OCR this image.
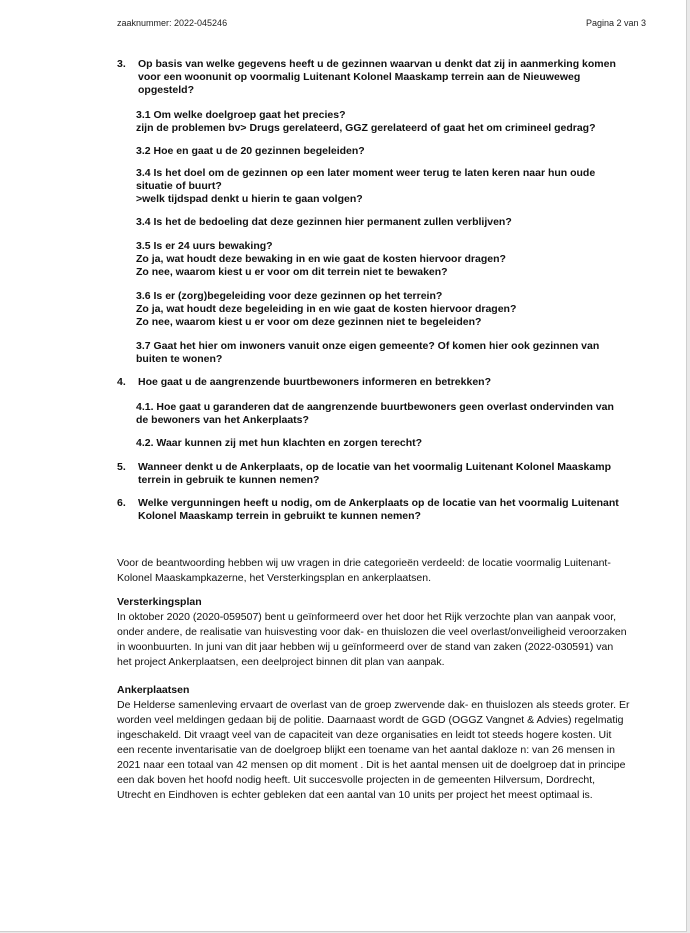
zaaknummer: 2022-045246	Pagina 2 van 3
3. Op basis van welke gegevens heeft u de gezinnen waarvan u denkt dat zij in aanmerking komen
voor een woonunit op voormalig Luitenant Kolonel Maaskamp terrein aan de Nieuweweg
opgesteld?
3.1 Om welke doelgroep gaat het precies?
zijn de problemen bv> Drugs gerelateerd, GGZ gerelateerd of gaat het om crimineel gedrag?
3.2 Hoe en gaat u de 20 gezinnen begeleiden?
3.4 Is het doel om de gezinnen op een later moment weer terug te laten keren naar hun oude
situatie of buurt?
>welk tijdspad denkt u hierin te gaan volgen?
3.4 Is het de bedoeling dat deze gezinnen hier permanent zullen verblijven?
3.5 Is er 24 uurs bewaking?
Zo ja, wat houdt deze bewaking in en wie gaat de kosten hiervoor dragen?
Zo nee, waarom kiest u er voor om dit terrein niet te bewaken?
3.6 Is er (zorg)begeleiding voor deze gezinnen op het terrein?
Zo ja, wat houdt deze begeleiding in en wie gaat de kosten hiervoor dragen?
Zo nee, waarom kiest u er voor om deze gezinnen niet te begeleiden?
3.7 Gaat het hier om inwoners vanuit onze eigen gemeente? Of komen hier ook gezinnen van
buiten te wonen?
4. Hoe gaat u de aangrenzende buurtbewoners informeren en betrekken?
4.1. Hoe gaat u garanderen dat de aangrenzende buurtbewoners geen overlast ondervinden van
de bewoners van het Ankerplaats?
4.2. Waar kunnen zij met hun klachten en zorgen terecht?
5. Wanneer denkt u de Ankerplaats, op de locatie van het voormalig Luitenant Kolonel Maaskamp
terrein in gebruik te kunnen nemen?
6. Welke vergunningen heeft u nodig, om de Ankerplaats op de locatie van het voormalig Luitenant
Kolonel Maaskamp terrein in gebruikt te kunnen nemen?
Voor de beantwoording hebben wij uw vragen in drie categorieën verdeeld: de locatie voormalig Luitenant-
Kolonel Maaskampkazerne, het Versterkingsplan en ankerplaatsen.
Versterkingsplan
In oktober 2020 (2020-059507) bent u geïnformeerd over het door het Rijk verzochte plan van aanpak voor,
onder andere, de realisatie van huisvesting voor dak- en thuislozen die veel overlast/onveiligheid veroorzaken
in woonbuurten. In juni van dit jaar hebben wij u geïnformeerd over de stand van zaken (2022-030591) van
het project Ankerplaatsen, een deelproject binnen dit plan van aanpak.
Ankerplaatsen
De Helderse samenleving ervaart de overlast van de groep zwervende dak- en thuislozen als steeds groter. Er
worden veel meldingen gedaan bij de politie. Daarnaast wordt de GGD (OGGZ Vangnet & Advies) regelmatig
ingeschakeld. Dit vraagt veel van de capaciteit van deze organisaties en leidt tot steeds hogere kosten. Uit
een recente inventarisatie van de doelgroep blijkt een toename van het aantal dakloze n: van 26 mensen in
2021 naar een totaal van 42 mensen op dit moment . Dit is het aantal mensen uit de doelgroep dat in principe
een dak boven het hoofd nodig heeft. Uit succesvolle projecten in de gemeenten Hilversum, Dordrecht,
Utrecht en Eindhoven is echter gebleken dat een aantal van 10 units per project het meest optimaal is.
